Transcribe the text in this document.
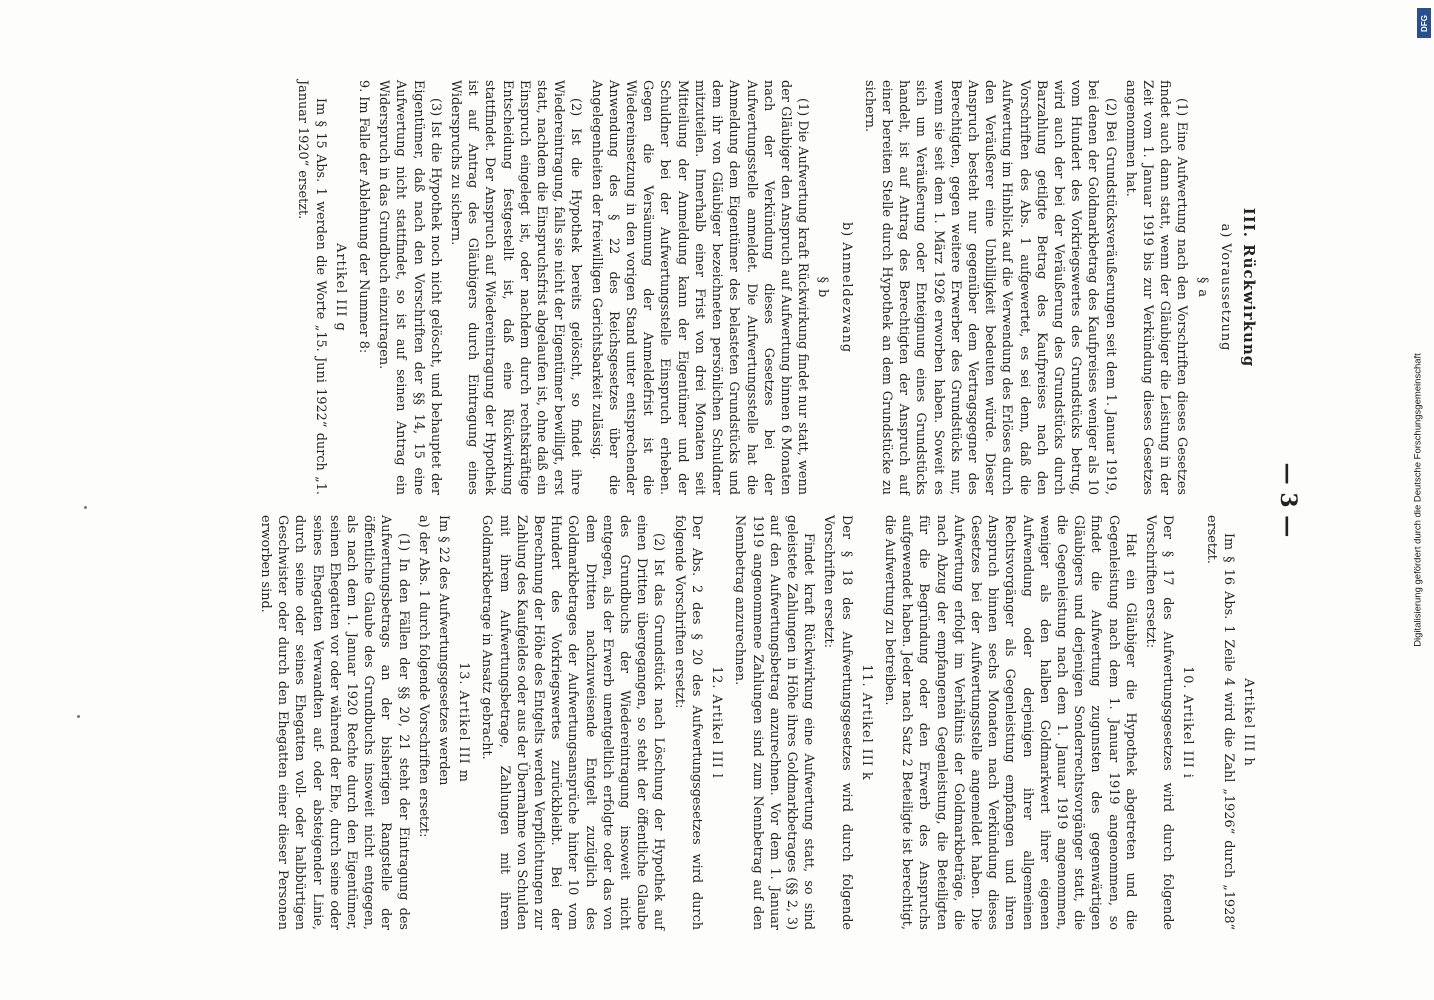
— 3 —

III. Rückwirkung

a) Voraussetzung

§ a

(1) Eine Aufwertung nach den Vorschriften dieses Gesetzes findet auch dann statt, wenn der Gläubiger die Leistung in der Zeit vom 1. Januar 1919 bis zur Verkündung dieses Gesetzes angenommen hat.

(2) Bei Grundstücksveräußerungen seit dem 1. Januar 1919, bei denen der Goldmarkbetrag des Kaufpreises weniger als 10 vom Hundert des Vorkriegswertes des Grundstücks betrug, wird auch der bei der Veräußerung des Grundstücks durch Barzahlung getilgte Betrag des Kaufpreises nach den Vorschriften des Abs. 1 aufgewertet, es sei denn, daß die Aufwertung im Hinblick auf die Verwendung des Erlöses durch den Veräußerer eine Unbilligkeit bedeuten würde. Dieser Anspruch besteht nur gegenüber dem Vertragsgegner des Berechtigten, gegen weitere Erwerber des Grundstücks nur, wenn sie seit dem 1. März 1926 erworben haben. Soweit es sich um Veräußerung oder Enteignung eines Grundstücks handelt, ist auf Antrag des Berechtigten der Anspruch auf einer bereiten Stelle durch Hypothek an dem Grundstücke zu sichern.

b) Anmeldezwang

§ b

(1) Die Aufwertung kraft Rückwirkung findet nur statt, wenn der Gläubiger den Anspruch auf Aufwertung binnen 6 Monaten nach der Verkündung dieses Gesetzes bei der Aufwertungsstelle anmeldet. Die Aufwertungsstelle hat die Anmeldung dem Eigentümer des belasteten Grundstücks und dem ihr von Gläubiger bezeichneten persönlichen Schuldner mitzuteilen. Innerhalb einer Frist von drei Monaten seit Mitteilung der Anmeldung kann der Eigentümer und der Schuldner bei der Aufwertungsstelle Einspruch erheben. Gegen die Versäumung der Anmeldefrist ist die Wiedereinsetzung in den vorigen Stand unter entsprechender Anwendung des § 22 des Reichsgesetzes über die Angelegenheiten der freiwilligen Gerichtsbarkeit zulässig.

(2) Ist die Hypothek bereits gelöscht, so findet ihre Wiedereintragung, falls sie nicht der Eigentümer bewilligt, erst statt, nachdem die Einspruchsfrist abgelaufen ist, ohne daß ein Einspruch eingelegt ist, oder nachdem durch rechtskräftige Entscheidung festgestellt ist, daß eine Rückwirkung stattfindet. Der Anspruch auf Wiedereintragung der Hypothek ist auf Antrag des Gläubigers durch Eintragung eines Widerspruchs zu sichern.

(3) Ist die Hypothek noch nicht gelöscht, und behauptet der Eigentümer, daß nach den Vorschriften der §§ 14, 15 eine Aufwertung nicht stattfindet, so ist auf seinen Antrag ein Widerspruch in das Grundbuch einzutragen.

9. Im Falle der Ablehnung der Nummer 8:

Artikel III g

Im § 15 Abs. 1 werden die Worte „15. Juni 1922“ durch „1. Januar 1920“ ersetzt.

Artikel III h

Im § 16 Abs. 1 Zeile 4 wird die Zahl „1926“ durch „1928“ ersetzt.

10. Artikel III i

Der § 17 des Aufwertungsgesetzes wird durch folgende Vorschriften ersetzt:

Hat ein Gläubiger die Hypothek abgetreten und die Gegenleistung nach dem 1. Januar 1919 angenommen, so findet die Aufwertung zugunsten des gegenwärtigen Gläubigers und derjenigen Sonderrechtsvorgänger statt, die die Gegenleistung nach dem 1. Januar 1919 angenommen, weniger als den halben Goldmarkwert ihrer eigenen Aufwendung oder derjenigen ihrer allgemeinen Rechtsvorgänger als Gegenleistung empfangen und ihren Anspruch binnen sechs Monaten nach Verkündung dieses Gesetzes bei der Aufwertungsstelle angemeldet haben. Die Aufwertung erfolgt im Verhältnis der Goldmarkbeträge, die nach Abzug der empfangenen Gegenleistung, die Beteiligten für die Begründung oder den Erwerb des Anspruchs aufgewendet haben. Jeder nach Satz 2 Beteiligte ist berechtigt, die Aufwertung zu betreiben.

11. Artikel III k

Der § 18 des Aufwertungsgesetzes wird durch folgende Vorschriften ersetzt:

Findet kraft Rückwirkung eine Aufwertung statt, so sind geleistete Zahlungen in Höhe ihres Goldmarkbetrages (§§ 2, 3) auf den Aufwertungsbetrag anzurechnen. Vor dem 1. Januar 1919 angenommene Zahlungen sind zum Nennbetrag auf den Nennbetrag anzurechnen.

12. Artikel III l

Der Abs. 2 des § 20 des Aufwertungsgesetzes wird durch folgende Vorschriften ersetzt:

(2) Ist das Grundstück nach Löschung der Hypothek auf einen Dritten übergegangen, so steht der öffentliche Glaube des Grundbuchs der Wiedereintragung insoweit nicht entgegen, als der Erwerb unentgeltlich erfolgte oder das von dem Dritten nachzuweisende Entgelt zuzüglich des Goldmarkbetrages der Aufwertungsansprüche hinter 10 vom Hundert des Vorkriegswertes zurückbleibt. Bei der Berechnung der Höhe des Entgelts werden Verpflichtungen zur Zahlung des Kaufgeldes oder aus der Übernahme von Schulden mit ihrem Aufwertungsbetrage, Zahlungen mit ihrem Goldmarkbetrage in Ansatz gebracht.

13. Artikel III m

Im § 22 des Aufwertungsgesetzes werden

a) der Abs. 1 durch folgende Vorschriften ersetzt:

(1) In den Fällen der §§ 20, 21 steht der Eintragung des Aufwertungsbetrags an der bisherigen Rangstelle der öffentliche Glaube des Grundbuchs insoweit nicht entgegen, als nach dem 1. Januar 1920 Rechte durch den Eigentümer, seinen Ehegatten vor oder während der Ehe, durch seine oder seines Ehegatten Verwandten auf- oder absteigender Linie, durch seine oder seines Ehegatten voll- oder halbbürtigen Geschwister oder durch den Ehegatten einer dieser Personen erworben sind.

DFG
Digitalisierung gefördert durch die Deutsche Forschungsgemeinschaft
